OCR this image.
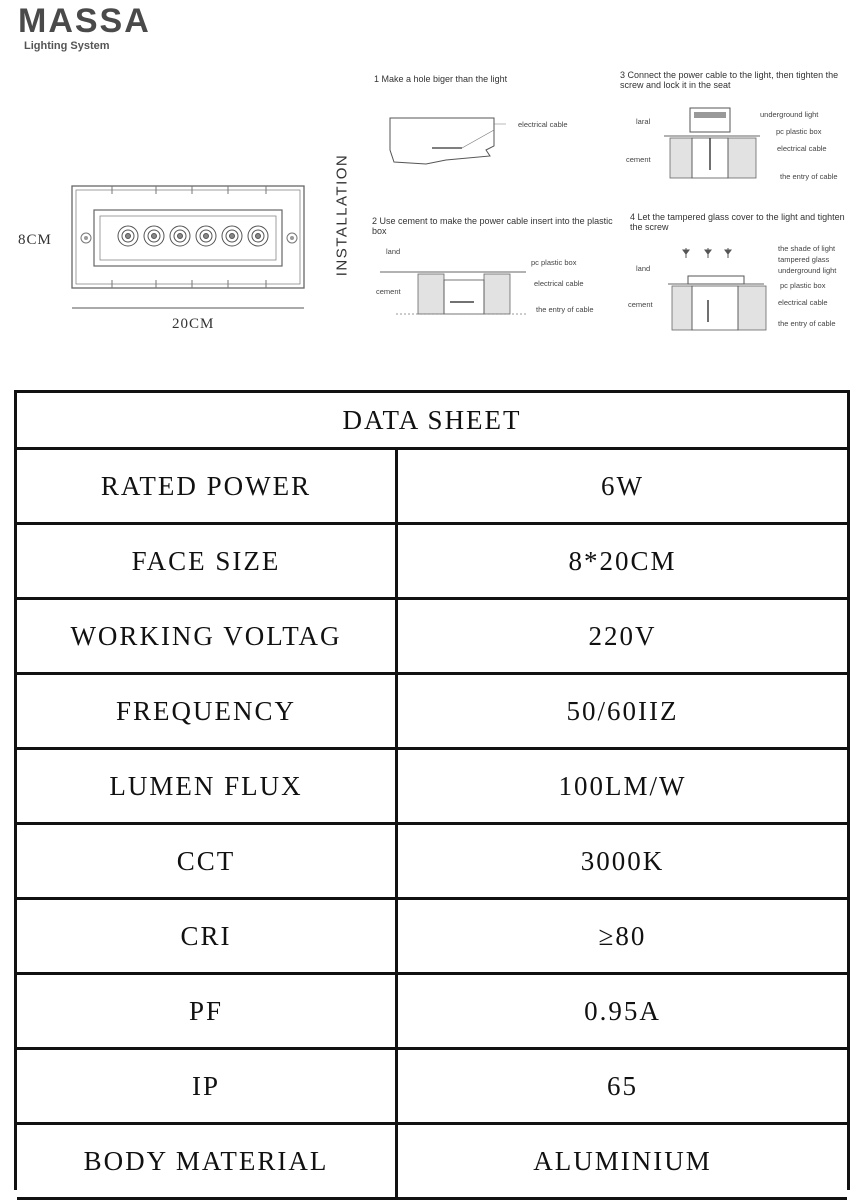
MASSA
Lighting System
8CM
20CM
INSTALLATION
1 Make a hole biger than the light
electrical cable
2 Use cement to make the power cable insert into the plastic box
land
pc plastic box
cement
electrical cable
the entry of cable
3 Connect the power cable to the light, then tighten the screw and lock it in the seat
laral
underground light
pc plastic box
cement
electrical cable
the entry of cable
4 Let the tampered glass cover to the light and tighten the screw
the shade of light
tampered glass
underground light
land
pc plastic box
electrical cable
cement
the entry of cable
DATA SHEET
RATED POWER	6W
FACE SIZE	8*20CM
WORKING VOLTAG	220V
FREQUENCY	50/60IIZ
LUMEN FLUX	100LM/W
CCT	3000K
CRI	≥80
PF	0.95A
IP	65
BODY MATERIAL	ALUMINIUM
